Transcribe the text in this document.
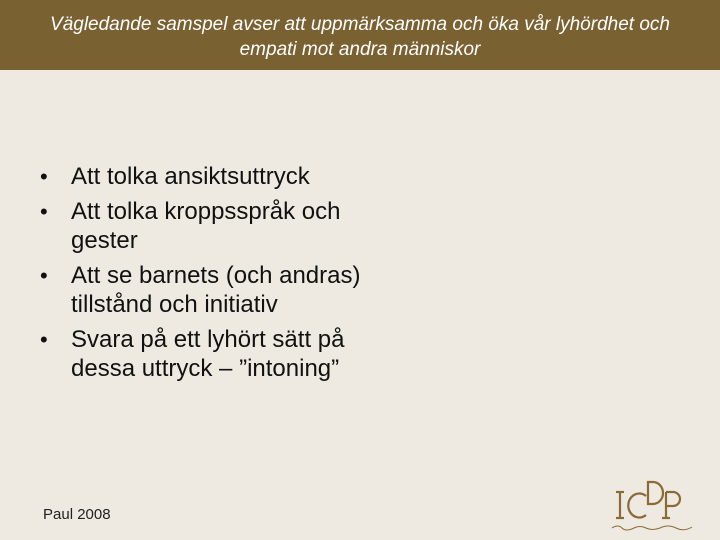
Vägledande samspel avser att uppmärksamma och öka vår lyhördhet och empati mot andra människor
• Att tolka ansiktsuttryck
• Att tolka kroppsspråk och gester
• Att se barnets (och andras) tillstånd och initiativ
• Svara på ett lyhört sätt på dessa uttryck – ”intoning”
Paul 2008
